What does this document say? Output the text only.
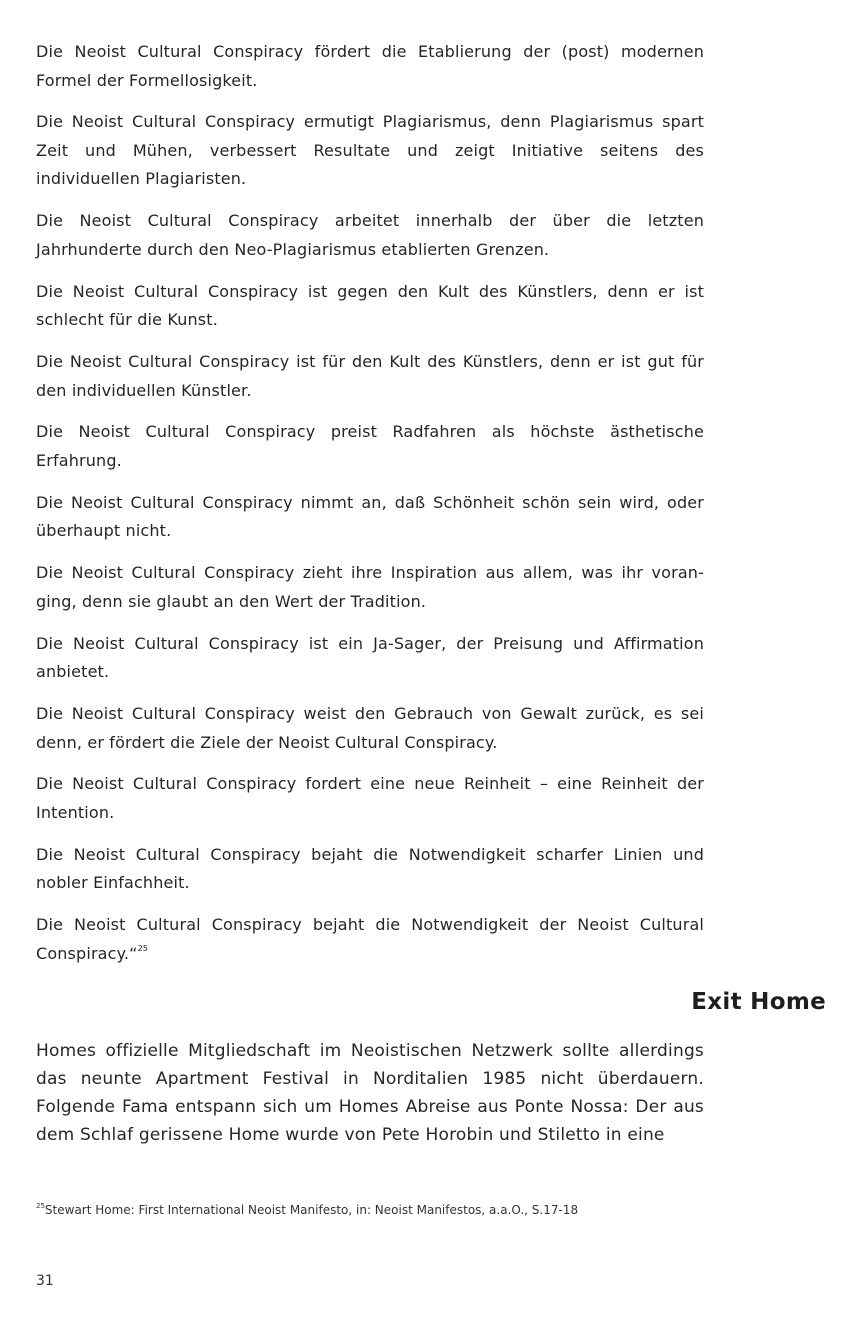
Die Neoist Cultural Conspiracy fördert die Etablierung der (post) modernen Formel der Formellosigkeit.

Die Neoist Cultural Conspiracy ermutigt Plagiarismus, denn Plagiarismus spart Zeit und Mühen, verbessert Resultate und zeigt Initiative seitens des individuellen Plagiaristen.

Die Neoist Cultural Conspiracy arbeitet innerhalb der über die letzten Jahrhunderte durch den Neo-Plagiarismus etablierten Grenzen.

Die Neoist Cultural Conspiracy ist gegen den Kult des Künstlers, denn er ist schlecht für die Kunst.

Die Neoist Cultural Conspiracy ist für den Kult des Künstlers, denn er ist gut für den individuellen Künstler.

Die Neoist Cultural Conspiracy preist Radfahren als höchste ästhetische Erfahrung.

Die Neoist Cultural Conspiracy nimmt an, daß Schönheit schön sein wird, oder überhaupt nicht.

Die Neoist Cultural Conspiracy zieht ihre Inspiration aus allem, was ihr voran-ging, denn sie glaubt an den Wert der Tradition.

Die Neoist Cultural Conspiracy ist ein Ja-Sager, der Preisung und Affirmation anbietet.

Die Neoist Cultural Conspiracy weist den Gebrauch von Gewalt zurück, es sei denn, er fördert die Ziele der Neoist Cultural Conspiracy.

Die Neoist Cultural Conspiracy fordert eine neue Reinheit – eine Reinheit der Intention.

Die Neoist Cultural Conspiracy bejaht die Notwendigkeit scharfer Linien und nobler Einfachheit.

Die Neoist Cultural Conspiracy bejaht die Notwendigkeit der Neoist Cultural Conspiracy.“$^{25}$

Exit Home

Homes offizielle Mitgliedschaft im Neoistischen Netzwerk sollte allerdings das neunte Apartment Festival in Norditalien 1985 nicht überdauern. Folgende Fama entspann sich um Homes Abreise aus Ponte Nossa: Der aus dem Schlaf gerissene Home wurde von Pete Horobin und Stiletto in eine

$^{25}$Stewart Home: First International Neoist Manifesto, in: Neoist Manifestos, a.a.O., S.17-18

31
